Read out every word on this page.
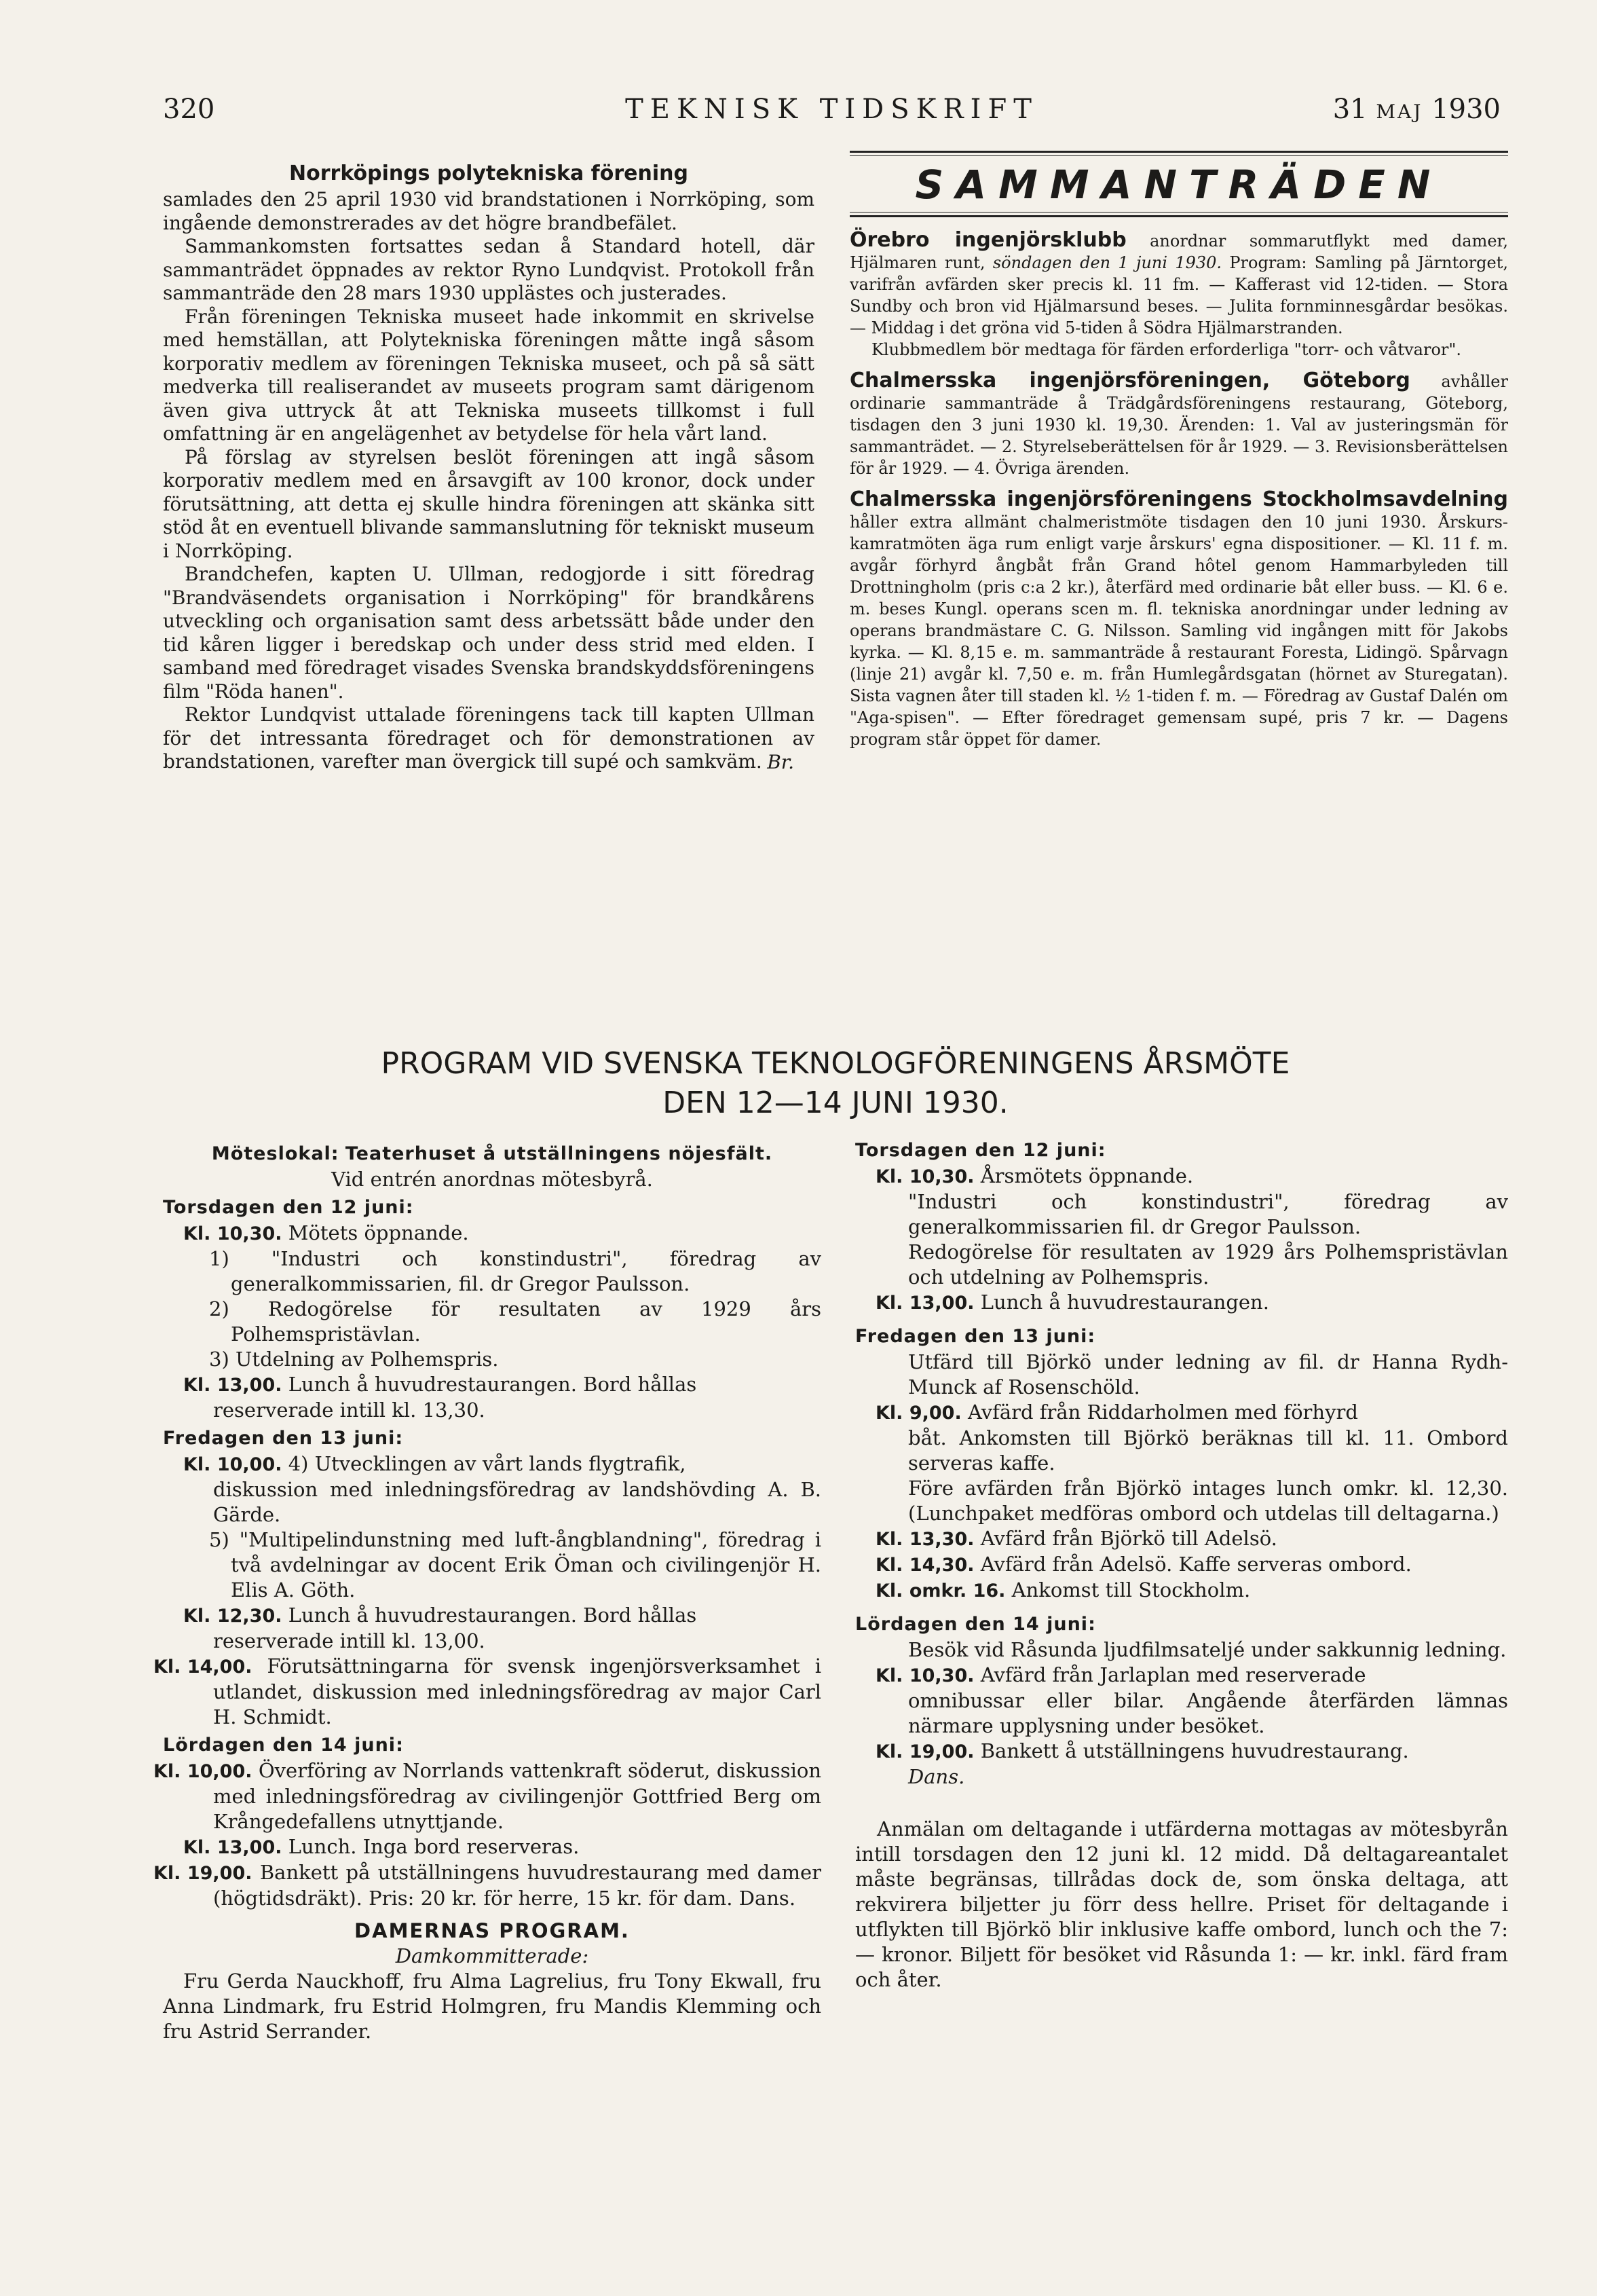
320	TEKNISK TIDSKRIFT	31 MAJ 1930
Norrköpings polytekniska förening

samlades den 25 april 1930 vid brandstationen i Norrköping, som ingående demonstrerades av det högre brandbefälet.

Sammankomsten fortsattes sedan å Standard hotell, där sammanträdet öppnades av rektor Ryno Lundqvist. Protokoll från sammanträde den 28 mars 1930 upplästes och justerades.

Från föreningen Tekniska museet hade inkommit en skrivelse med hemställan, att Polytekniska föreningen måtte ingå såsom korporativ medlem av föreningen Tekniska museet, och på så sätt medverka till realiserandet av museets program samt därigenom även giva uttryck åt att Tekniska museets tillkomst i full omfattning är en angelägenhet av betydelse för hela vårt land.

På förslag av styrelsen beslöt föreningen att ingå såsom korporativ medlem med en årsavgift av 100 kronor, dock under förutsättning, att detta ej skulle hindra föreningen att skänka sitt stöd åt en eventuell blivande sammanslutning för tekniskt museum i Norrköping.

Brandchefen, kapten U. Ullman, redogjorde i sitt föredrag "Brandväsendets organisation i Norrköping" för brandkårens utveckling och organisation samt dess arbetssätt både under den tid kåren ligger i beredskap och under dess strid med elden. I samband med föredraget visades Svenska brandskyddsföreningens film "Röda hanen".

Rektor Lundqvist uttalade föreningens tack till kapten Ullman för det intressanta föredraget och för demonstrationen av brandstationen, varefter man övergick till supé och samkväm. Br.

SAMMANTRÄDEN

Örebro ingenjörsklubb anordnar sommarutflykt med damer, Hjälmaren runt, söndagen den 1 juni 1930. Program: Samling på Järntorget, varifrån avfärden sker precis kl. 11 fm. — Kafferast vid 12-tiden. — Stora Sundby och bron vid Hjälmarsund beses. — Julita fornminnesgårdar besökas. — Middag i det gröna vid 5-tiden å Södra Hjälmarstranden.

Klubbmedlem bör medtaga för färden erforderliga "torr- och våtvaror".

Chalmersska ingenjörsföreningen, Göteborg avhåller ordinarie sammanträde å Trädgårdsföreningens restaurang, Göteborg, tisdagen den 3 juni 1930 kl. 19,30. Ärenden: 1. Val av justeringsmän för sammanträdet. — 2. Styrelseberättelsen för år 1929. — 3. Revisionsberättelsen för år 1929. — 4. Övriga ärenden.

Chalmersska ingenjörsföreningens Stockholmsavdelning håller extra allmänt chalmeristmöte tisdagen den 10 juni 1930. Årskurs-kamratmöten äga rum enligt varje årskurs' egna dispositioner. — Kl. 11 f. m. avgår förhyrd ångbåt från Grand hôtel genom Hammarbyleden till Drottningholm (pris c:a 2 kr.), återfärd med ordinarie båt eller buss. — Kl. 6 e. m. beses Kungl. operans scen m. fl. tekniska anordningar under ledning av operans brandmästare C. G. Nilsson. Samling vid ingången mitt för Jakobs kyrka. — Kl. 8,15 e. m. sammanträde å restaurant Foresta, Lidingö. Spårvagn (linje 21) avgår kl. 7,50 e. m. från Humlegårdsgatan (hörnet av Sturegatan). Sista vagnen åter till staden kl. ½ 1-tiden f. m. — Föredrag av Gustaf Dalén om "Aga-spisen". — Efter föredraget gemensam supé, pris 7 kr. — Dagens program står öppet för damer.

PROGRAM VID SVENSKA TEKNOLOGFÖRENINGENS ÅRSMÖTE
DEN 12—14 JUNI 1930.
Möteslokal: Teaterhuset å utställningens nöjesfält.
Vid entrén anordnas mötesbyrå.
Torsdagen den 12 juni:
Kl. 10,30. Mötets öppnande.
1) "Industri och konstindustri", föredrag av generalkommissarien, fil. dr Gregor Paulsson.
2) Redogörelse för resultaten av 1929 års Polhemspristävlan.
3) Utdelning av Polhemspris.
Kl. 13,00. Lunch å huvudrestaurangen. Bord hållas
reserverade intill kl. 13,30.
Fredagen den 13 juni:
Kl. 10,00. 4) Utvecklingen av vårt lands flygtrafik,
diskussion med inledningsföredrag av landshövding A. B. Gärde.
5) "Multipelindunstning med luft-ångblandning", föredrag i två avdelningar av docent Erik Öman och civilingenjör H. Elis A. Göth.
Kl. 12,30. Lunch å huvudrestaurangen. Bord hållas
reserverade intill kl. 13,00.
Kl. 14,00. Förutsättningarna för svensk ingenjörsverksamhet i utlandet, diskussion med inledningsföredrag av major Carl H. Schmidt.
Lördagen den 14 juni:
Kl. 10,00. Överföring av Norrlands vattenkraft söderut, diskussion med inledningsföredrag av civilingenjör Gottfried Berg om Krångedefallens utnyttjande.
Kl. 13,00. Lunch. Inga bord reserveras.
Kl. 19,00. Bankett på utställningens huvudrestaurang med damer (högtidsdräkt). Pris: 20 kr. för herre, 15 kr. för dam. Dans.
DAMERNAS PROGRAM.
Damkommitterade:
Fru Gerda Nauckhoff, fru Alma Lagrelius, fru Tony Ekwall, fru Anna Lindmark, fru Estrid Holmgren, fru Mandis Klemming och fru Astrid Serrander.
Torsdagen den 12 juni:
Kl. 10,30. Årsmötets öppnande.
"Industri och konstindustri", föredrag av generalkommissarien fil. dr Gregor Paulsson.
Redogörelse för resultaten av 1929 års Polhemspristävlan och utdelning av Polhemspris.
Kl. 13,00. Lunch å huvudrestaurangen.
Fredagen den 13 juni:
Utfärd till Björkö under ledning av fil. dr Hanna Rydh-Munck af Rosenschöld.
Kl. 9,00. Avfärd från Riddarholmen med förhyrd
båt. Ankomsten till Björkö beräknas till kl. 11. Ombord serveras kaffe.
Före avfärden från Björkö intages lunch omkr. kl. 12,30. (Lunchpaket medföras ombord och utdelas till deltagarna.)
Kl. 13,30. Avfärd från Björkö till Adelsö.
Kl. 14,30. Avfärd från Adelsö. Kaffe serveras ombord.
Kl. omkr. 16. Ankomst till Stockholm.
Lördagen den 14 juni:
Besök vid Råsunda ljudfilmsatelјé under sakkunnig ledning.
Kl. 10,30. Avfärd från Jarlaplan med reserverade
omnibussar eller bilar. Angående återfärden lämnas närmare upplysning under besöket.
Kl. 19,00. Bankett å utställningens huvudrestaurang.
Dans.
Anmälan om deltagande i utfärderna mottagas av mötesbyrån intill torsdagen den 12 juni kl. 12 midd. Då deltagareantalet måste begränsas, tillrådas dock de, som önska deltaga, att rekvirera biljetter ju förr dess hellre. Priset för deltagande i utflykten till Björkö blir inklusive kaffe ombord, lunch och the 7: — kronor. Biljett för besöket vid Råsunda 1: — kr. inkl. färd fram och åter.
